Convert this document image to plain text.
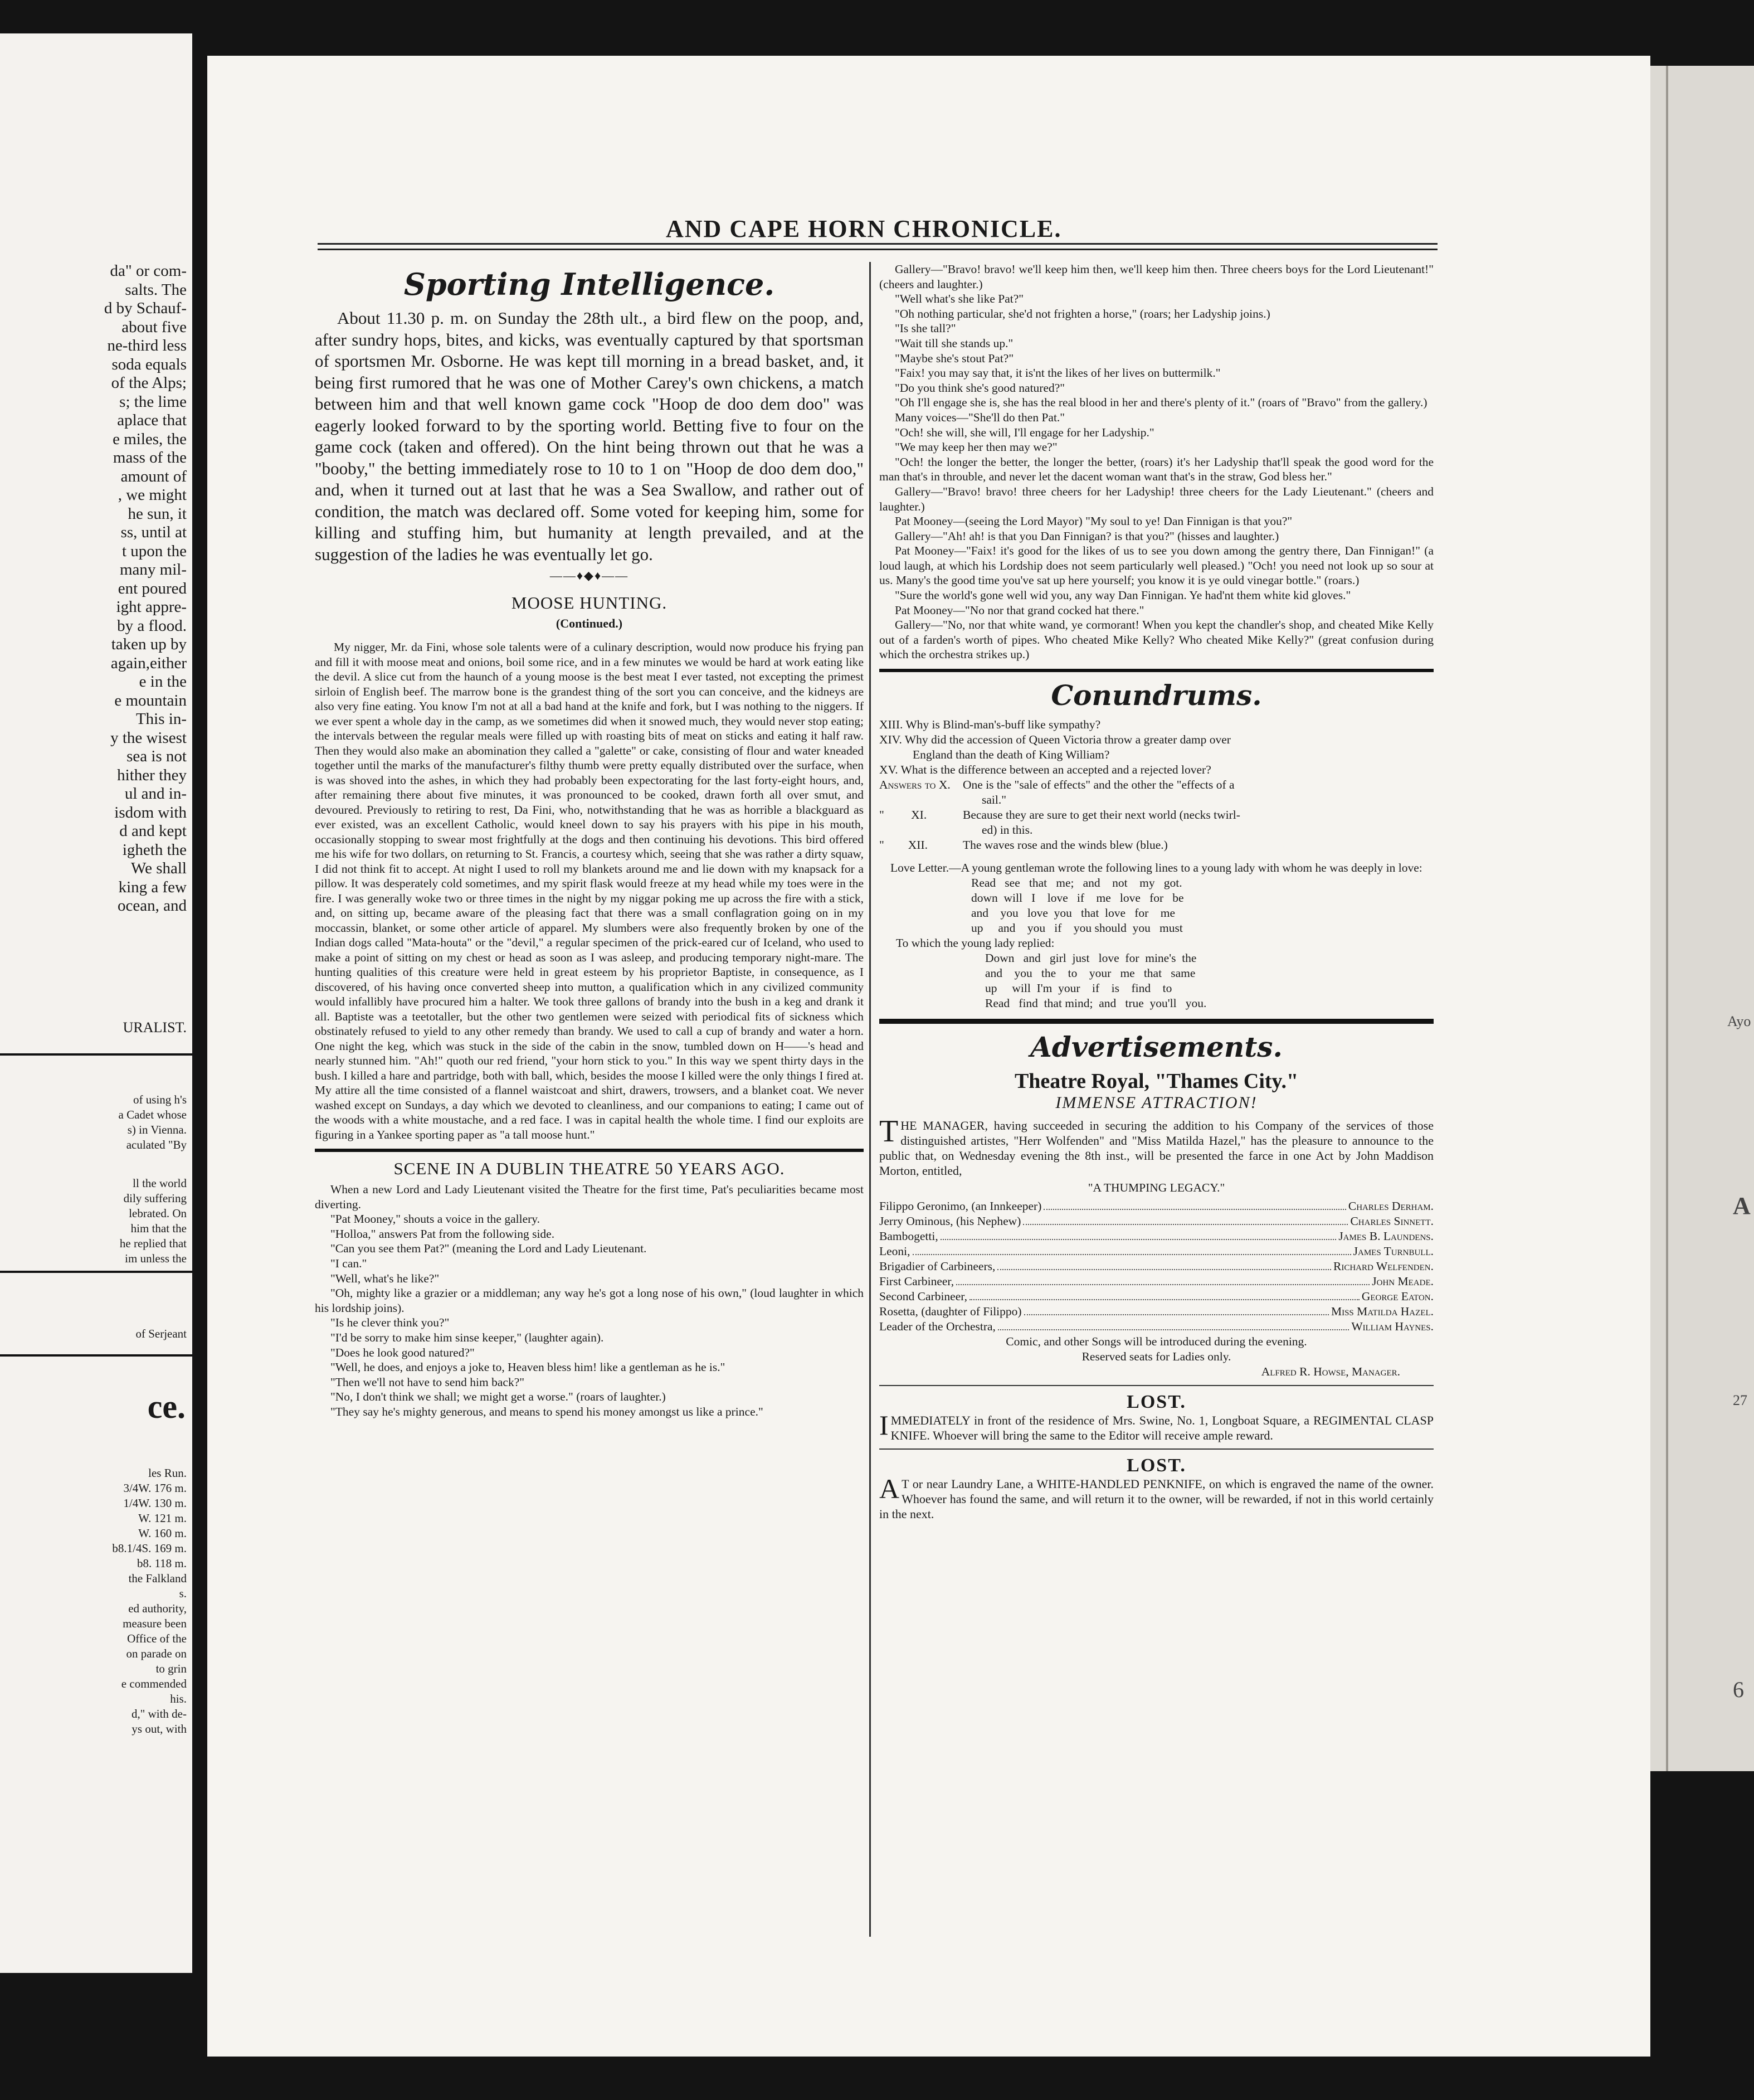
da" or com-
salts. The
d by Schauf-
about five
ne-third less
soda equals
of the Alps;
s; the lime
aplace that
e miles, the
mass of the
amount of
, we might
he sun, it
ss, until at
t upon the
many mil-
ent poured
ight appre-
by a flood.
taken up by
again,either
e in the
e mountain
This in-
y the wisest
sea is not
hither they
ul and in-
isdom with
d and kept
igheth the
We shall
king a few
ocean, and
URALIST.
of using h's
a Cadet whose
s) in Vienna.
aculated "By
ll the world
dily suffering
lebrated. On
him that the
he replied that
im unless the
of Serjeant
ce.
les Run.
3/4W. 176 m.
1/4W. 130 m.
W. 121 m.
W. 160 m.
b8.1/4S. 169 m.
b8. 118 m.
the Falkland
s.
ed authority,
measure been
Office of the
on parade on
to grin
e commended
his.
d," with de-
ys out, with
Ayo
A
27
6
AND CAPE HORN CHRONICLE.
Sporting Intelligence.

About 11.30 p. m. on Sunday the 28th ult., a bird flew on the poop, and, after sundry hops, bites, and kicks, was eventually captured by that sportsman of sportsmen Mr. Osborne. He was kept till morning in a bread basket, and, it being first rumored that he was one of Mother Carey's own chickens, a match between him and that well known game cock "Hoop de doo dem doo" was eagerly looked forward to by the sporting world. Betting five to four on the game cock (taken and offered). On the hint being thrown out that he was a "booby," the betting immediately rose to 10 to 1 on "Hoop de doo dem doo," and, when it turned out at last that he was a Sea Swallow, and rather out of condition, the match was declared off. Some voted for keeping him, some for killing and stuffing him, but humanity at length prevailed, and at the suggestion of the ladies he was eventually let go.

——♦◆♦——
MOOSE HUNTING.
(Continued.)

My nigger, Mr. da Fini, whose sole talents were of a culinary description, would now produce his frying pan and fill it with moose meat and onions, boil some rice, and in a few minutes we would be hard at work eating like the devil. A slice cut from the haunch of a young moose is the best meat I ever tasted, not excepting the primest sirloin of English beef. The marrow bone is the grandest thing of the sort you can conceive, and the kidneys are also very fine eating. You know I'm not at all a bad hand at the knife and fork, but I was nothing to the niggers. If we ever spent a whole day in the camp, as we sometimes did when it snowed much, they would never stop eating; the intervals between the regular meals were filled up with roasting bits of meat on sticks and eating it half raw. Then they would also make an abomination they called a "galette" or cake, consisting of flour and water kneaded together until the marks of the manufacturer's filthy thumb were pretty equally distributed over the surface, when is was shoved into the ashes, in which they had probably been expectorating for the last forty-eight hours, and, after remaining there about five minutes, it was pronounced to be cooked, drawn forth all over smut, and devoured. Previously to retiring to rest, Da Fini, who, notwithstanding that he was as horrible a blackguard as ever existed, was an excellent Catholic, would kneel down to say his prayers with his pipe in his mouth, occasionally stopping to swear most frightfully at the dogs and then continuing his devotions. This bird offered me his wife for two dollars, on returning to St. Francis, a courtesy which, seeing that she was rather a dirty squaw, I did not think fit to accept. At night I used to roll my blankets around me and lie down with my knapsack for a pillow. It was desperately cold sometimes, and my spirit flask would freeze at my head while my toes were in the fire. I was generally woke two or three times in the night by my niggar poking me up across the fire with a stick, and, on sitting up, became aware of the pleasing fact that there was a small conflagration going on in my moccassin, blanket, or some other article of apparel. My slumbers were also frequently broken by one of the Indian dogs called "Mata-houta" or the "devil," a regular specimen of the prick-eared cur of Iceland, who used to make a point of sitting on my chest or head as soon as I was asleep, and producing temporary night-mare. The hunting qualities of this creature were held in great esteem by his proprietor Baptiste, in consequence, as I discovered, of his having once converted sheep into mutton, a qualification which in any civilized community would infallibly have procured him a halter. We took three gallons of brandy into the bush in a keg and drank it all. Baptiste was a teetotaller, but the other two gentlemen were seized with periodical fits of sickness which obstinately refused to yield to any other remedy than brandy. We used to call a cup of brandy and water a horn. One night the keg, which was stuck in the side of the cabin in the snow, tumbled down on H——'s head and nearly stunned him. "Ah!" quoth our red friend, "your horn stick to you." In this way we spent thirty days in the bush. I killed a hare and partridge, both with ball, which, besides the moose I killed were the only things I fired at. My attire all the time consisted of a flannel waistcoat and shirt, drawers, trowsers, and a blanket coat. We never washed except on Sundays, a day which we devoted to cleanliness, and our companions to eating; I came out of the woods with a white moustache, and a red face. I was in capital health the whole time. I find our exploits are figuring in a Yankee sporting paper as "a tall moose hunt."

SCENE IN A DUBLIN THEATRE 50 YEARS AGO.

When a new Lord and Lady Lieutenant visited the Theatre for the first time, Pat's peculiarities became most diverting.

"Pat Mooney," shouts a voice in the gallery.

"Holloa," answers Pat from the following side.

"Can you see them Pat?" (meaning the Lord and Lady Lieutenant.

"I can."

"Well, what's he like?"

"Oh, mighty like a grazier or a middleman; any way he's got a long nose of his own," (loud laughter in which his lordship joins).

"Is he clever think you?"

"I'd be sorry to make him sinse keeper," (laughter again).

"Does he look good natured?"

"Well, he does, and enjoys a joke to, Heaven bless him! like a gentleman as he is."

"Then we'll not have to send him back?"

"No, I don't think we shall; we might get a worse." (roars of laughter.)

"They say he's mighty generous, and means to spend his money amongst us like a prince."

Gallery—"Bravo! bravo! we'll keep him then, we'll keep him then. Three cheers boys for the Lord Lieutenant!" (cheers and laughter.)

"Well what's she like Pat?"

"Oh nothing particular, she'd not frighten a horse," (roars; her Ladyship joins.)

"Is she tall?"

"Wait till she stands up."

"Maybe she's stout Pat?"

"Faix! you may say that, it is'nt the likes of her lives on buttermilk."

"Do you think she's good natured?"

"Oh I'll engage she is, she has the real blood in her and there's plenty of it." (roars of "Bravo" from the gallery.)

Many voices—"She'll do then Pat."

"Och! she will, she will, I'll engage for her Ladyship."

"We may keep her then may we?"

"Och! the longer the better, the longer the better, (roars) it's her Ladyship that'll speak the good word for the man that's in throuble, and never let the dacent woman want that's in the straw, God bless her."

Gallery—"Bravo! bravo! three cheers for her Ladyship! three cheers for the Lady Lieutenant." (cheers and laughter.)

Pat Mooney—(seeing the Lord Mayor) "My soul to ye! Dan Finnigan is that you?"

Gallery—"Ah! ah! is that you Dan Finnigan? is that you?" (hisses and laughter.)

Pat Mooney—"Faix! it's good for the likes of us to see you down among the gentry there, Dan Finnigan!" (a loud laugh, at which his Lordship does not seem particularly well pleased.) "Och! you need not look up so sour at us. Many's the good time you've sat up here yourself; you know it is ye ould vinegar bottle." (roars.)

"Sure the world's gone well wid you, any way Dan Finnigan. Ye had'nt them white kid gloves."

Pat Mooney—"No nor that grand cocked hat there."

Gallery—"No, nor that white wand, ye cormorant! When you kept the chandler's shop, and cheated Mike Kelly out of a farden's worth of pipes. Who cheated Mike Kelly? Who cheated Mike Kelly?" (great confusion during which the orchestra strikes up.)

Conundrums.

XIII. Why is Blind-man's-buff like sympathy?

XIV. Why did the accession of Queen Victoria throw a greater damp over

England than the death of King William?

XV. What is the difference between an accepted and a rejected lover?

Answers to X.	One is the "sale of effects" and the other the "effects of a
sail."
"         XI.	Because they are sure to get their next world (necks twirl-
ed) in this.
"        XII.	The waves rose and the winds blew (blue.)

Love Letter.—A young gentleman wrote the following lines to a young lady with whom he was deeply in love:

Read   see   that   me;   and    not    my   got.
down  will   I    love   if    me   love   for   be
and    you   love  you   that  love   for    me
up     and    you   if    you should  you   must

To which the young lady replied:

Down   and   girl  just   love  for  mine's  the
and    you   the    to    your   me   that   same
up     will  I'm  your    if    is    find    to
Read   find  that mind;  and   true  you'll   you.
Advertisements.
Theatre Royal, "Thames City."
IMMENSE ATTRACTION!

THE MANAGER, having succeeded in securing the addition to his Company of the services of those distinguished artistes, "Herr Wolfenden" and "Miss Matilda Hazel," has the pleasure to announce to the public that, on Wednesday evening the 8th inst., will be presented the farce in one Act by John Maddison Morton, entitled,

"A THUMPING LEGACY."
Filippo Geronimo, (an Innkeeper)	Charles Derham.
Jerry Ominous, (his Nephew)	Charles Sinnett.
Bambogetti,	James B. Laundens.
Leoni,	James Turnbull.
Brigadier of Carbineers,	Richard Welfenden.
First Carbineer,	John Meade.
Second Carbineer,	George Eaton.
Rosetta, (daughter of Filippo)	Miss Matilda Hazel.
Leader of the Orchestra,	William Haynes.
Comic, and other Songs will be introduced during the evening.
Reserved seats for Ladies only.
Alfred R. Howse, Manager.
LOST.

IMMEDIATELY in front of the residence of Mrs. Swine, No. 1, Longboat Square, a REGIMENTAL CLASP KNIFE. Whoever will bring the same to the Editor will receive ample reward.

LOST.

A T or near Laundry Lane, a WHITE-HANDLED PENKNIFE, on which is engraved the name of the owner. Whoever has found the same, and will return it to the owner, will be rewarded, if not in this world certainly in the next.
